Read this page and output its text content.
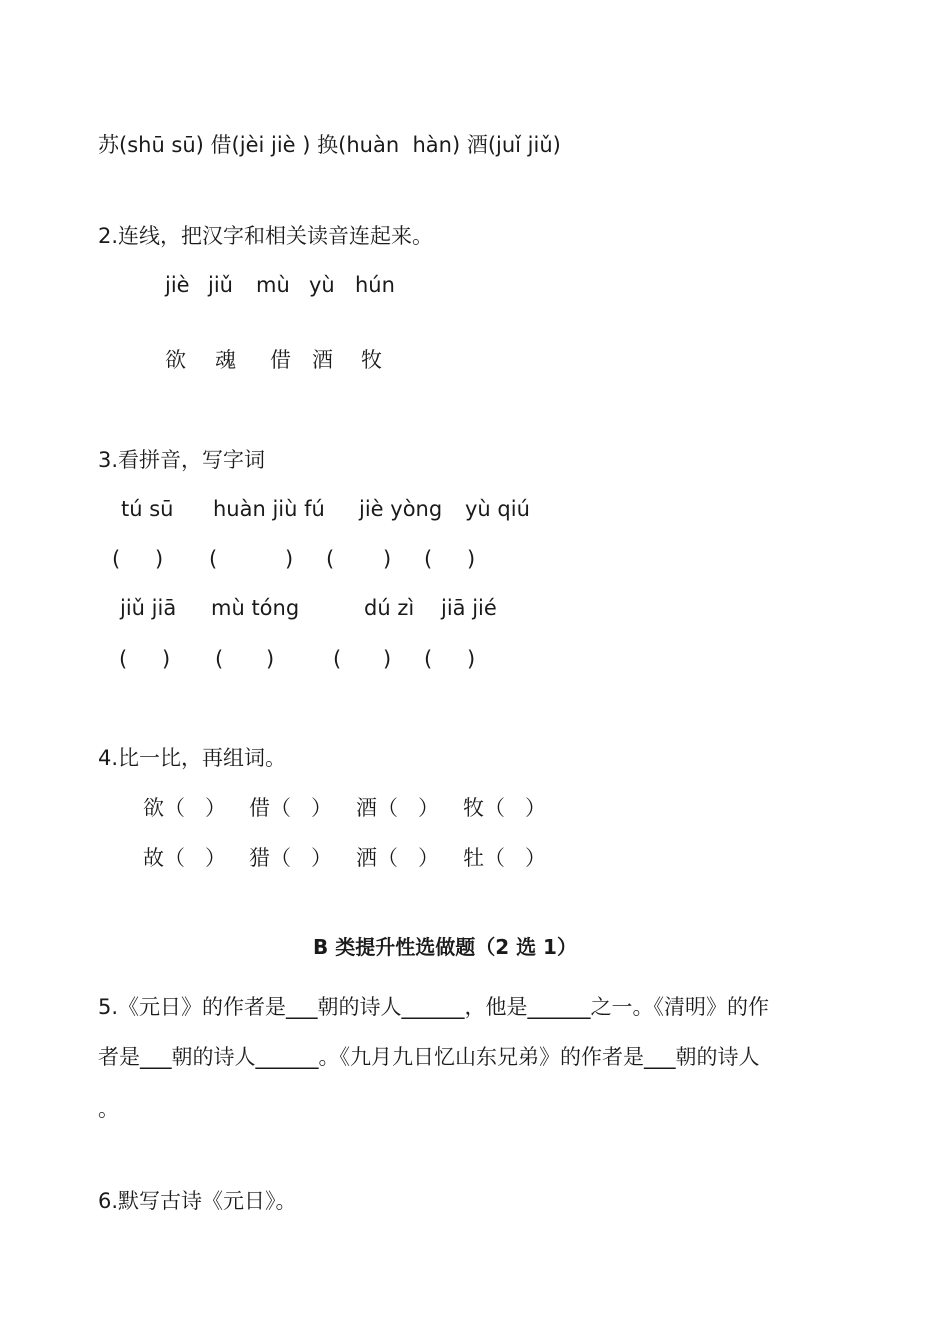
苏(shū sū) 借(jèi jiè ) 换(huàn  hàn) 酒(juǐ jiǔ)
2.连线，把汉字和相关读音连起来。
jiè jiǔ mù yù hún
欲 魂 借 酒 牧
3.看拼音，写字词
tú sū huàn jiù fú jiè yòng yù qiú
( ) (	) ( ) ( )
jiǔ jiā mù tóng	dú zì jiā jié
( ) ( )	( ) ( )
4.比一比，再组词。
欲（   ） 借（   ） 酒（   ） 牧（   ）
故（   ） 猎（   ） 洒（   ） 牡（   ）
B 类提升性选做题（2 选 1）
5.《元日》的作者是___朝的诗人______，他是______之一。《清明》的作
者是___朝的诗人______。《九月九日忆山东兄弟》的作者是___朝的诗人
。
6.默写古诗《元日》。
